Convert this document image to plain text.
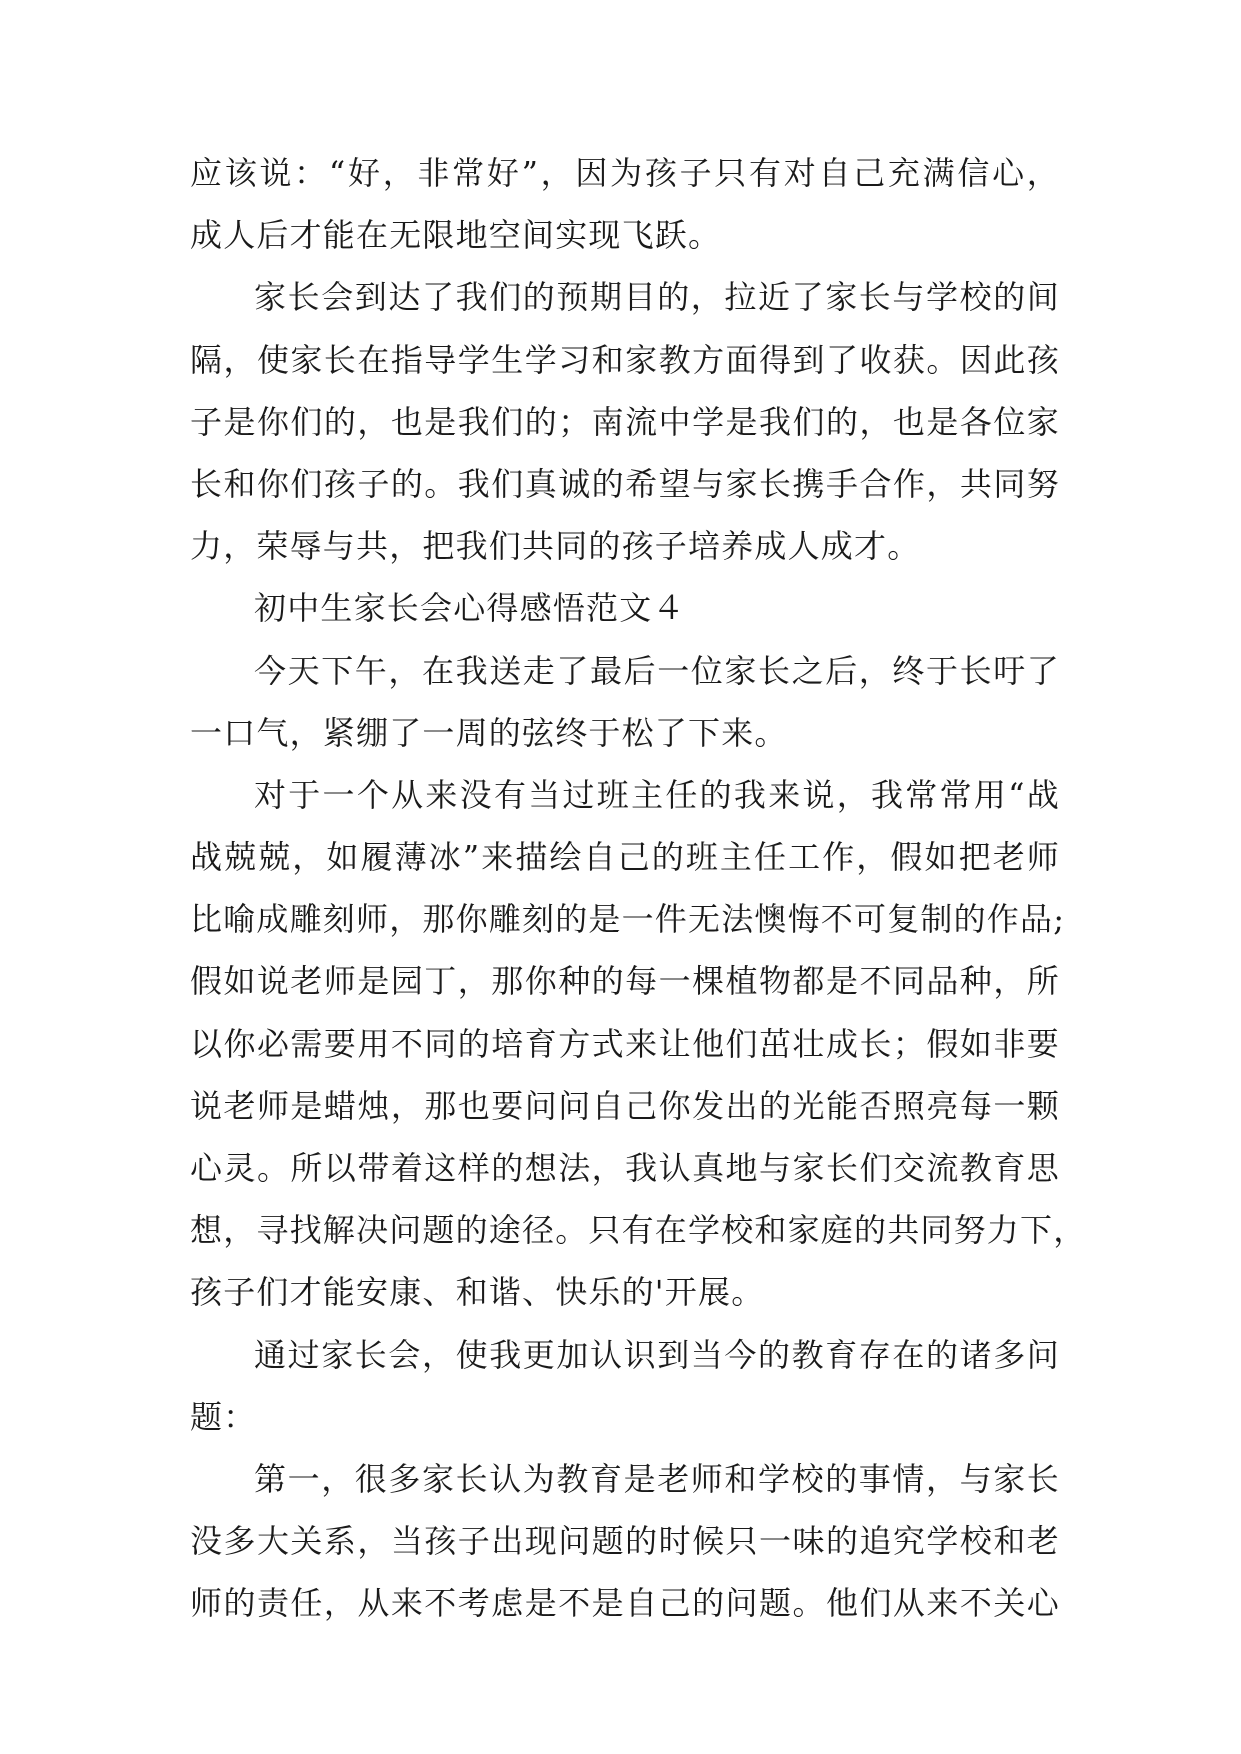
应该说：“好，非常好”，因为孩子只有对自己充满信心，
成人后才能在无限地空间实现飞跃。
家长会到达了我们的预期目的，拉近了家长与学校的间
隔，使家长在指导学生学习和家教方面得到了收获。因此孩
子是你们的，也是我们的；南流中学是我们的，也是各位家
长和你们孩子的。我们真诚的希望与家长携手合作，共同努
力，荣辱与共，把我们共同的孩子培养成人成才。
初中生家长会心得感悟范文４
今天下午，在我送走了最后一位家长之后，终于长吁了
一口气，紧绷了一周的弦终于松了下来。
对于一个从来没有当过班主任的我来说，我常常用“战
战兢兢，如履薄冰”来描绘自己的班主任工作，假如把老师
比喻成雕刻师，那你雕刻的是一件无法懊悔不可复制的作品;
假如说老师是园丁，那你种的每一棵植物都是不同品种，所
以你必需要用不同的培育方式来让他们茁壮成长；假如非要
说老师是蜡烛，那也要问问自己你发出的光能否照亮每一颗
心灵。所以带着这样的想法，我认真地与家长们交流教育思
想，寻找解决问题的途径。只有在学校和家庭的共同努力下，
孩子们才能安康、和谐、快乐的'开展。
通过家长会，使我更加认识到当今的教育存在的诸多问
题：
第一，很多家长认为教育是老师和学校的事情，与家长
没多大关系，当孩子出现问题的时候只一味的追究学校和老
师的责任，从来不考虑是不是自己的问题。他们从来不关心
